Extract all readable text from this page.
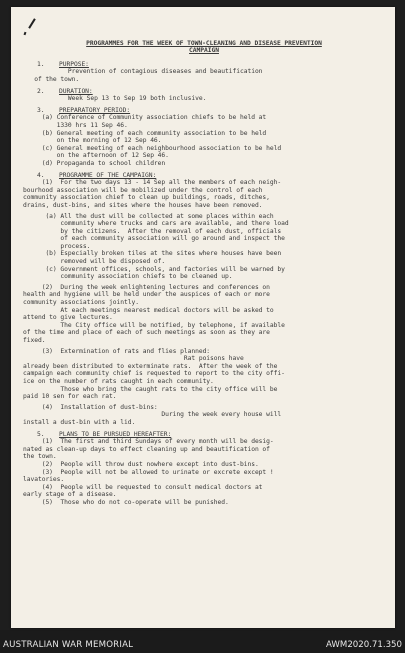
PROGRAMMES FOR THE WEEK OF TOWN-CLEANING AND DISEASE PREVENTION
CAMPAIGN
1. PURPOSE:
Prevention of contagious diseases and beautification
of the town.
2. DURATION:
Week Sep 13 to Sep 19 both inclusive.
3. PREPARATORY PERIOD:
(a) Conference of Community association chiefs to be held at
1330 hrs 11 Sep 46.
(b) General meeting of each community association to be held
on the morning of 12 Sep 46.
(c) General meeting of each neighbourhood association to be held
on the afternoon of 12 Sep 46.
(d) Propaganda to school children
4. PROGRAMME OF THE CAMPAIGN:
(1)  For the two days 13 - 14 Sep all the members of each neigh-
bourhood association will be mobilized under the control of each
community association chief to clean up buildings, roads, ditches,
drains, dust-bins, and sites where the houses have been removed.
(a) All the dust will be collected at some places within each
community where trucks and cars are available, and there load
by the citizens.  After the removal of each dust, officials
of each community association will go around and inspect the
process.
(b) Especially broken tiles at the sites where houses have been
removed will be disposed of.
(c) Government offices, schools, and factories will be warned by
community association chiefs to be cleaned up.
(2)  During the week enlightening lectures and conferences on
health and hygiene will be held under the auspices of each or more
community associations jointly.
At each meetings nearest medical doctors will be asked to
attend to give lectures.
The City office will be notified, by telephone, if available
of the time and place of each of such meetings as soon as they are
fixed.
(3)  Extermination of rats and flies planned:
Rat poisons have
already been distributed to exterminate rats.  After the week of the
campaign each community chief is requested to report to the city offi-
ice on the number of rats caught in each community.
Those who bring the caught rats to the city office will be
paid 10 sen for each rat.
(4)  Installation of dust-bins:
During the week every house will
install a dust-bin with a lid.
5. PLANS TO BE PURSUED HEREAFTER:
(1)  The first and third Sundays of every month will be desig-
nated as clean-up days to effect cleaning up and beautification of
the town.
(2)  People will throw dust nowhere except into dust-bins.
(3)  People will not be allowed to urinate or excrete except !
lavatories.
(4)  People will be requested to consult medical doctors at
early stage of a disease.
(5)  Those who do not co-operate will be punished.
AUSTRALIAN WAR MEMORIAL	AWM2020.71.350
